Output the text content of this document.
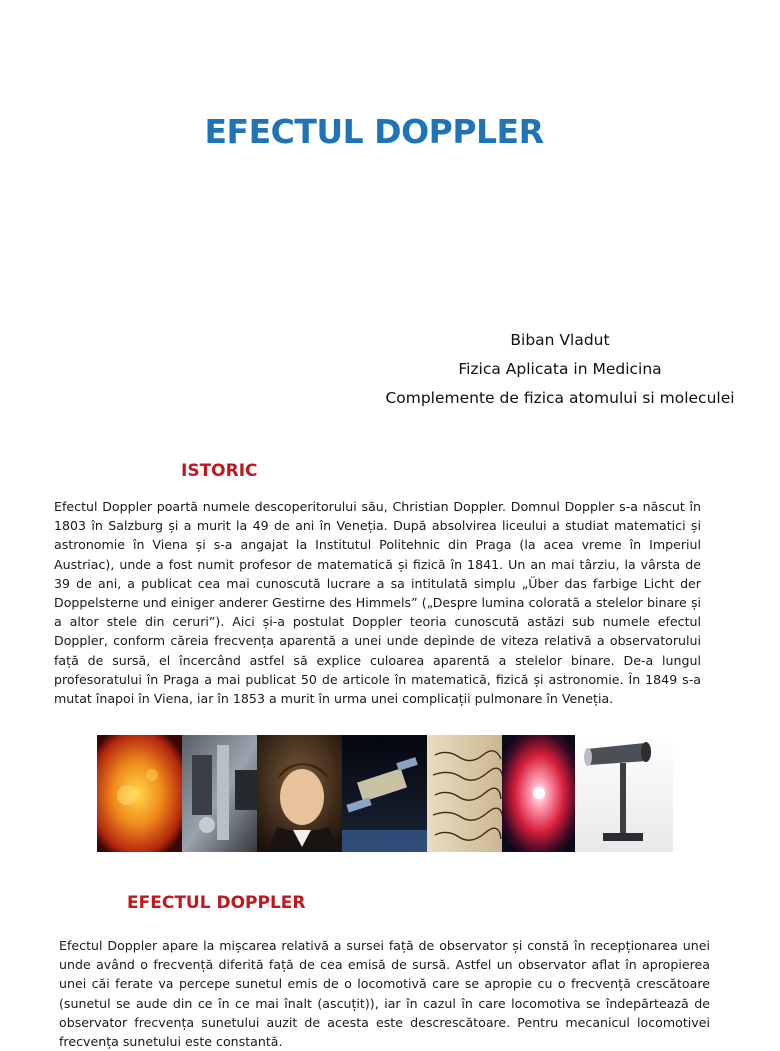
EFECTUL DOPPLER
Biban Vladut
Fizica Aplicata in Medicina
Complemente de fizica atomului si moleculei
ISTORIC

Efectul Doppler poartă numele descoperitorului său, Christian Doppler. Domnul Doppler s-a născut în 1803 în Salzburg și a murit la 49 de ani în Veneția. După absolvirea liceului a studiat matematici și astronomie în Viena și s-a angajat la Institutul Politehnic din Praga (la acea vreme în Imperiul Austriac), unde a fost numit profesor de matematică și fizică în 1841. Un an mai târziu, la vârsta de 39 de ani, a publicat cea mai cunoscută lucrare a sa intitulată simplu „Über das farbige Licht der Doppelsterne und einiger anderer Gestirne des Himmels” („Despre lumina colorată a stelelor binare și a altor stele din ceruri”). Aici și-a postulat Doppler teoria cunoscută astăzi sub numele efectul Doppler, conform căreia frecvența aparentă a unei unde depinde de viteza relativă a observatorului față de sursă, el încercând astfel să explice culoarea aparentă a stelelor binare. De-a lungul profesoratului în Praga a mai publicat 50 de articole în matematică, fizică și astronomie. În 1849 s-a mutat înapoi în Viena, iar în 1853 a murit în urma unei complicații pulmonare în Veneția.

EFECTUL DOPPLER

Efectul Doppler apare la mișcarea relativă a sursei față de observator și constă în recepționarea unei unde având o frecvență diferită față de cea emisă de sursă. Astfel un observator aflat în apropierea unei căi ferate va percepe sunetul emis de o locomotivă care se apropie cu o frecvență crescătoare (sunetul se aude din ce în ce mai înalt (ascuțit)), iar în cazul în care locomotiva se îndepărtează de observator frecvența sunetului auzit de acesta este descrescătoare. Pentru mecanicul locomotivei frecvența sunetului este constantă.
